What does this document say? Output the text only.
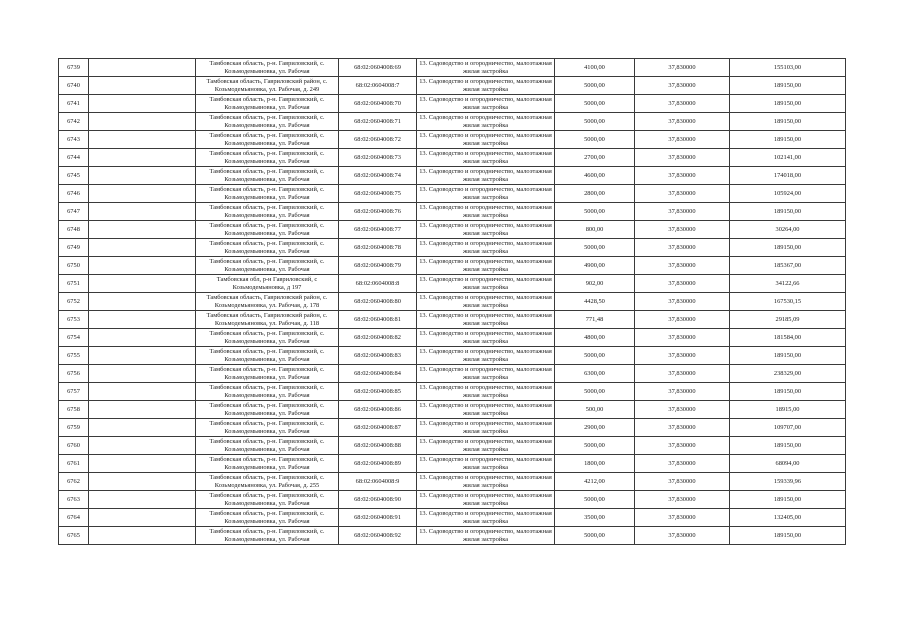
6739		Тамбовская область, р-н. Гавриловский, с. Козьмодемьяновка, ул. Рабочая	68:02:0604008:69	13. Садоводство и огородничество, малоэтажная жилая застройка	4100,00	37,830000	155103,00
6740		Тамбовская область, Гавриловский район, с. Козьмодемьяновка, ул. Рабочая, д. 249	68:02:0604008:7	13. Садоводство и огородничество, малоэтажная жилая застройка	5000,00	37,830000	189150,00
6741		Тамбовская область, р-н. Гавриловский, с. Козьмодемьяновка, ул. Рабочая	68:02:0604008:70	13. Садоводство и огородничество, малоэтажная жилая застройка	5000,00	37,830000	189150,00
6742		Тамбовская область, р-н. Гавриловский, с. Козьмодемьяновка, ул. Рабочая	68:02:0604008:71	13. Садоводство и огородничество, малоэтажная жилая застройка	5000,00	37,830000	189150,00
6743		Тамбовская область, р-н. Гавриловский, с. Козьмодемьяновка, ул. Рабочая	68:02:0604008:72	13. Садоводство и огородничество, малоэтажная жилая застройка	5000,00	37,830000	189150,00
6744		Тамбовская область, р-н. Гавриловский, с. Козьмодемьяновка, ул. Рабочая	68:02:0604008:73	13. Садоводство и огородничество, малоэтажная жилая застройка	2700,00	37,830000	102141,00
6745		Тамбовская область, р-н. Гавриловский, с. Козьмодемьяновка, ул. Рабочая	68:02:0604008:74	13. Садоводство и огородничество, малоэтажная жилая застройка	4600,00	37,830000	174018,00
6746		Тамбовская область, р-н. Гавриловский, с. Козьмодемьяновка, ул. Рабочая	68:02:0604008:75	13. Садоводство и огородничество, малоэтажная жилая застройка	2800,00	37,830000	105924,00
6747		Тамбовская область, р-н. Гавриловский, с. Козьмодемьяновка, ул. Рабочая	68:02:0604008:76	13. Садоводство и огородничество, малоэтажная жилая застройка	5000,00	37,830000	189150,00
6748		Тамбовская область, р-н. Гавриловский, с. Козьмодемьяновка, ул. Рабочая	68:02:0604008:77	13. Садоводство и огородничество, малоэтажная жилая застройка	800,00	37,830000	30264,00
6749		Тамбовская область, р-н. Гавриловский, с. Козьмодемьяновка, ул. Рабочая	68:02:0604008:78	13. Садоводство и огородничество, малоэтажная жилая застройка	5000,00	37,830000	189150,00
6750		Тамбовская область, р-н. Гавриловский, с. Козьмодемьяновка, ул. Рабочая	68:02:0604008:79	13. Садоводство и огородничество, малоэтажная жилая застройка	4900,00	37,830000	185367,00
6751		Тамбовская обл, р-н Гавриловский, с Козьмодемьяновка, д 197	68:02:0604008:8	13. Садоводство и огородничество, малоэтажная жилая застройка	902,00	37,830000	34122,66
6752		Тамбовская область, Гавриловский район, с. Козьмодемьяновка, ул. Рабочая, д. 178	68:02:0604008:80	13. Садоводство и огородничество, малоэтажная жилая застройка	4428,50	37,830000	167530,15
6753		Тамбовская область, Гавриловский район, с. Козьмодемьяновка, ул. Рабочая, д. 118	68:02:0604008:81	13. Садоводство и огородничество, малоэтажная жилая застройка	771,48	37,830000	29185,09
6754		Тамбовская область, р-н. Гавриловский, с. Козьмодемьяновка, ул. Рабочая	68:02:0604008:82	13. Садоводство и огородничество, малоэтажная жилая застройка	4800,00	37,830000	181584,00
6755		Тамбовская область, р-н. Гавриловский, с. Козьмодемьяновка, ул. Рабочая	68:02:0604008:83	13. Садоводство и огородничество, малоэтажная жилая застройка	5000,00	37,830000	189150,00
6756		Тамбовская область, р-н. Гавриловский, с. Козьмодемьяновка, ул. Рабочая	68:02:0604008:84	13. Садоводство и огородничество, малоэтажная жилая застройка	6300,00	37,830000	238329,00
6757		Тамбовская область, р-н. Гавриловский, с. Козьмодемьяновка, ул. Рабочая	68:02:0604008:85	13. Садоводство и огородничество, малоэтажная жилая застройка	5000,00	37,830000	189150,00
6758		Тамбовская область, р-н. Гавриловский, с. Козьмодемьяновка, ул. Рабочая	68:02:0604008:86	13. Садоводство и огородничество, малоэтажная жилая застройка	500,00	37,830000	18915,00
6759		Тамбовская область, р-н. Гавриловский, с. Козьмодемьяновка, ул. Рабочая	68:02:0604008:87	13. Садоводство и огородничество, малоэтажная жилая застройка	2900,00	37,830000	109707,00
6760		Тамбовская область, р-н. Гавриловский, с. Козьмодемьяновка, ул. Рабочая	68:02:0604008:88	13. Садоводство и огородничество, малоэтажная жилая застройка	5000,00	37,830000	189150,00
6761		Тамбовская область, р-н. Гавриловский, с. Козьмодемьяновка, ул. Рабочая	68:02:0604008:89	13. Садоводство и огородничество, малоэтажная жилая застройка	1800,00	37,830000	68094,00
6762		Тамбовская область, р-н. Гавриловский, с. Козьмодемьяновка, ул. Рабочая, д. 255	68:02:0604008:9	13. Садоводство и огородничество, малоэтажная жилая застройка	4212,00	37,830000	159339,96
6763		Тамбовская область, р-н. Гавриловский, с. Козьмодемьяновка, ул. Рабочая	68:02:0604008:90	13. Садоводство и огородничество, малоэтажная жилая застройка	5000,00	37,830000	189150,00
6764		Тамбовская область, р-н. Гавриловский, с. Козьмодемьяновка, ул. Рабочая	68:02:0604008:91	13. Садоводство и огородничество, малоэтажная жилая застройка	3500,00	37,830000	132405,00
6765		Тамбовская область, р-н. Гавриловский, с. Козьмодемьяновка, ул. Рабочая	68:02:0604008:92	13. Садоводство и огородничество, малоэтажная жилая застройка	5000,00	37,830000	189150,00
